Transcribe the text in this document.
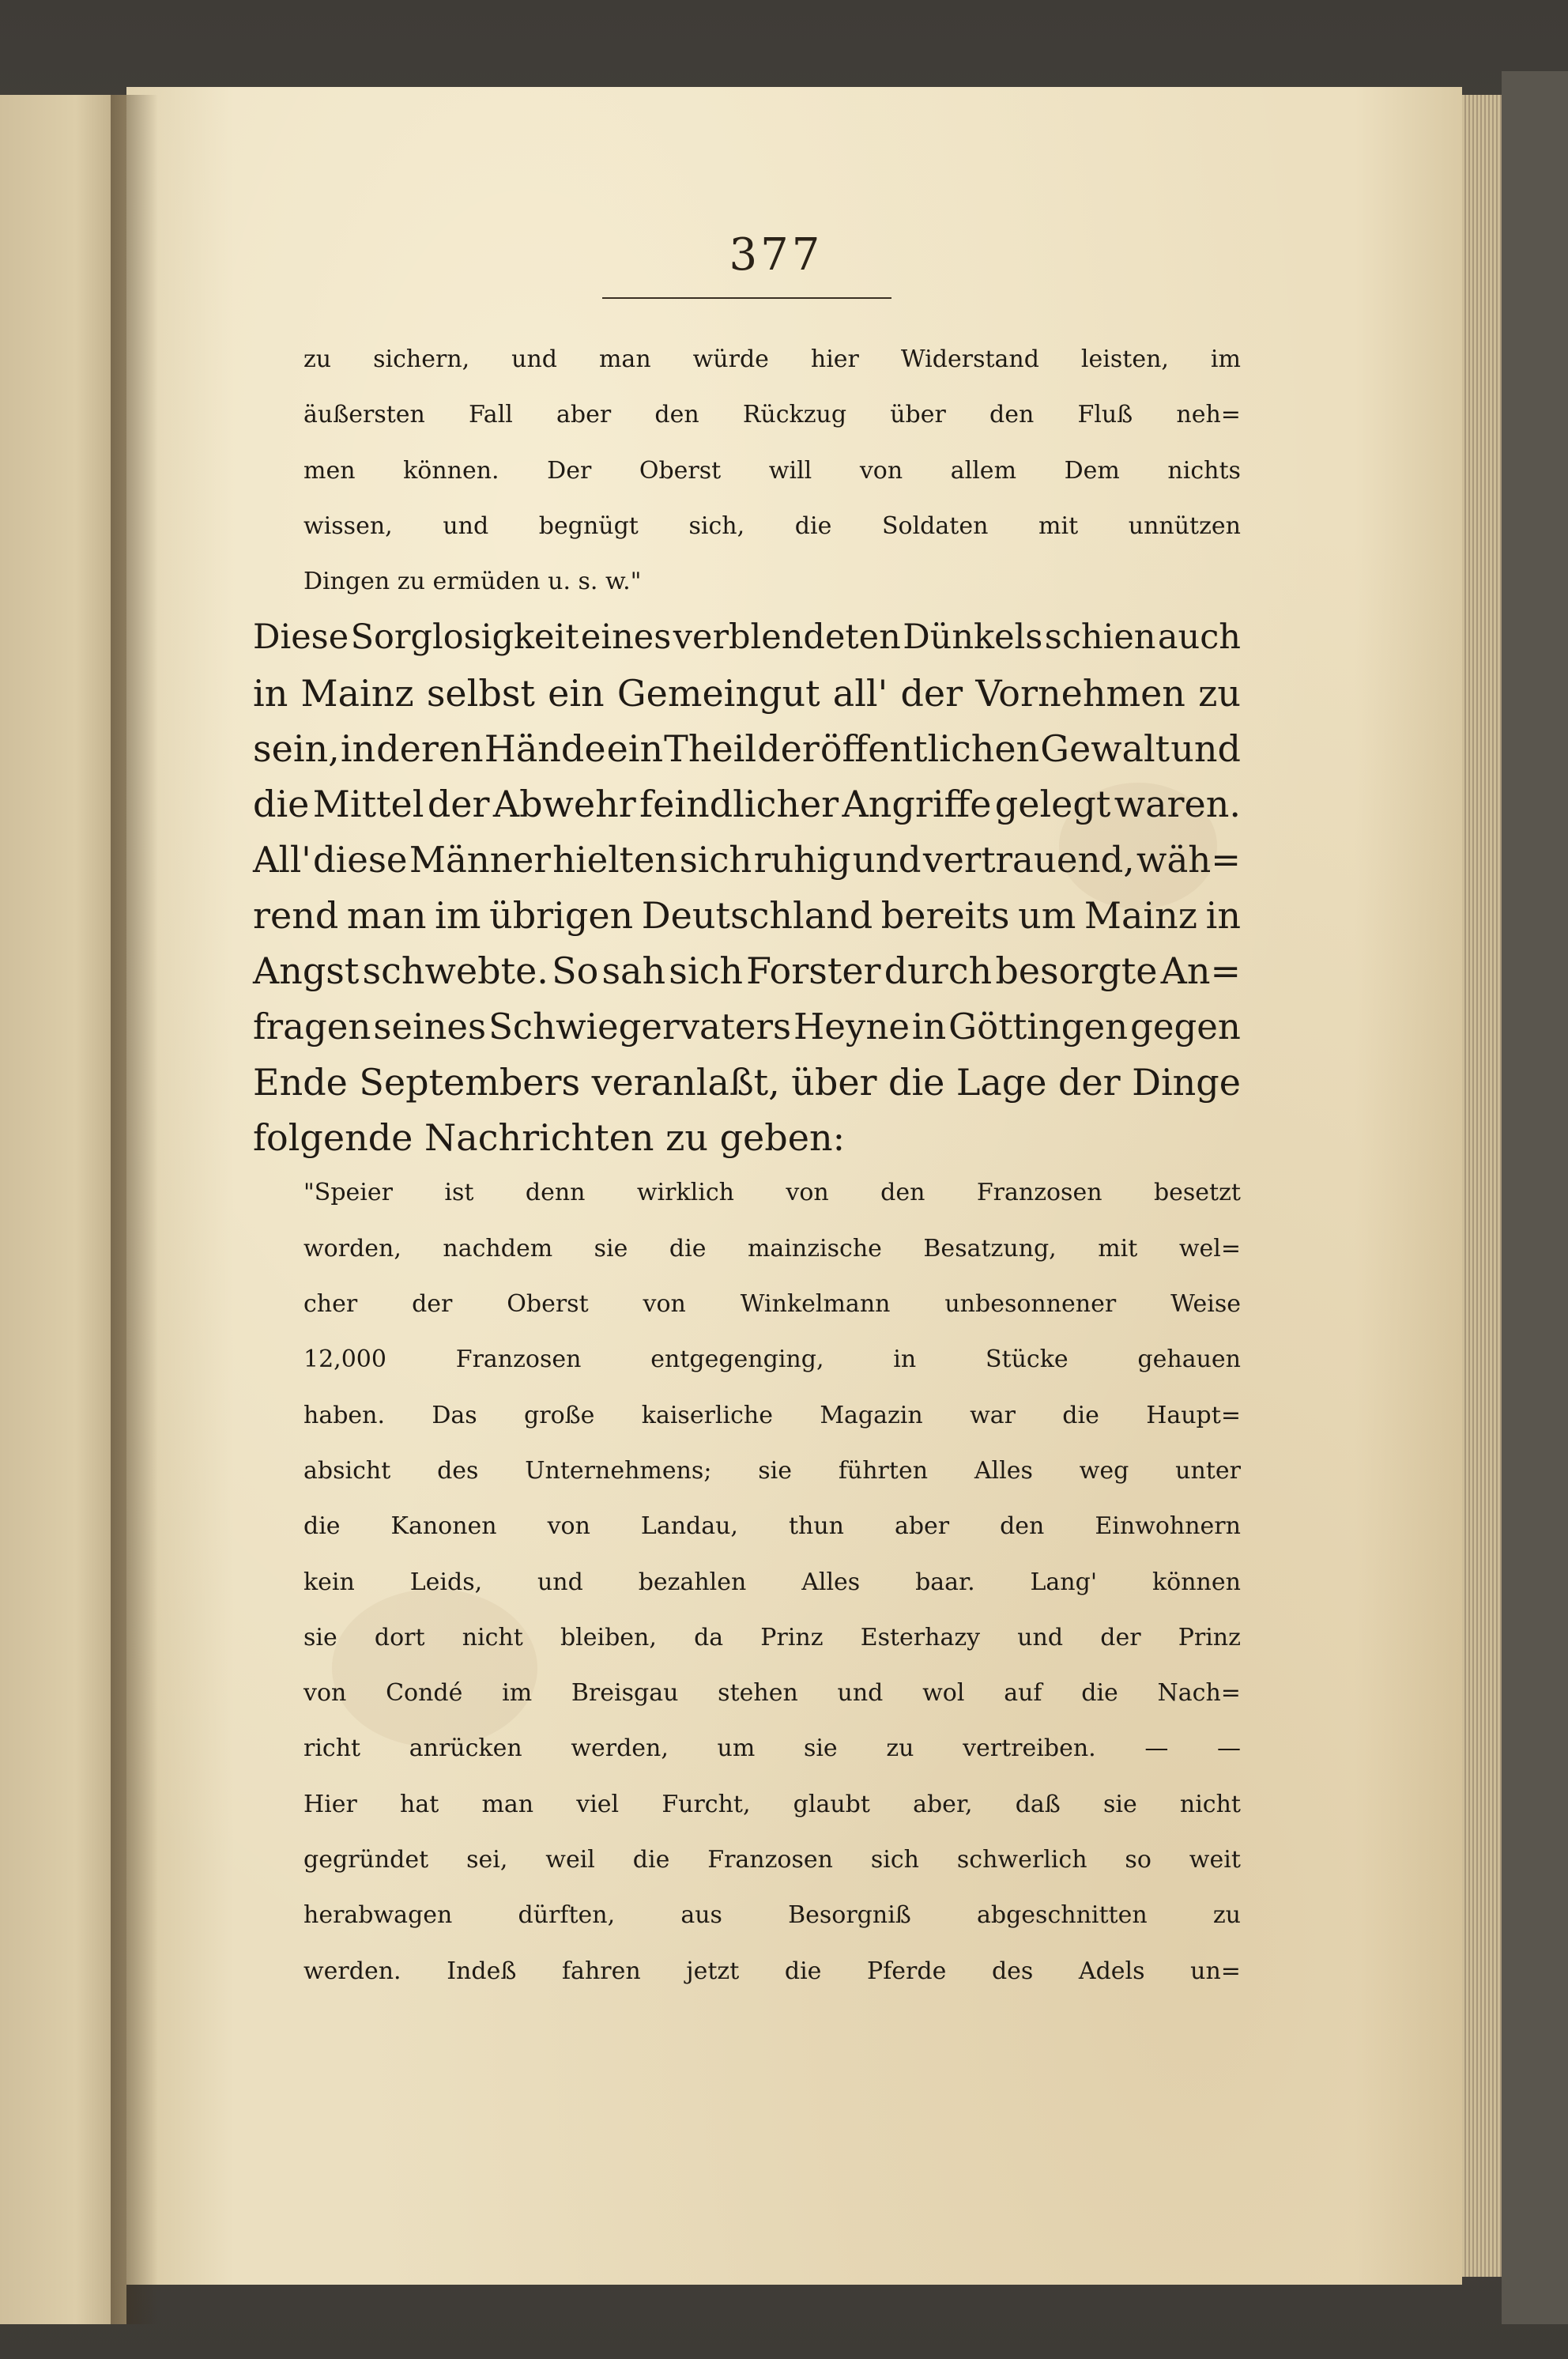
377
zu sichern, und man würde hier Widerstand leisten, im
äußersten Fall aber den Rückzug über den Fluß neh=
men können. Der Oberst will von allem Dem nichts
wissen, und begnügt sich, die Soldaten mit unnützen
Dingen zu ermüden u. s. w."
Diese Sorglosigkeit eines verblendeten Dünkels schien auch
in Mainz selbst ein Gemeingut all' der Vornehmen zu
sein, in deren Hände ein Theil der öffentlichen Gewalt und
die Mittel der Abwehr feindlicher Angriffe gelegt waren.
All' diese Männer hielten sich ruhig und vertrauend, wäh=
rend man im übrigen Deutschland bereits um Mainz in
Angst schwebte. So sah sich Forster durch besorgte An=
fragen seines Schwiegervaters Heyne in Göttingen gegen
Ende Septembers veranlaßt, über die Lage der Dinge
folgende Nachrichten zu geben:
"Speier ist denn wirklich von den Franzosen besetzt
worden, nachdem sie die mainzische Besatzung, mit wel=
cher der Oberst von Winkelmann unbesonnener Weise
12,000	Franzosen	entgegenging,	in	Stücke	gehauen
haben. Das große kaiserliche Magazin war die Haupt=
absicht des Unternehmens; sie führten Alles weg unter
die Kanonen von Landau, thun aber den Einwohnern
kein Leids, und bezahlen Alles baar. Lang' können
sie dort nicht bleiben, da Prinz Esterhazy und der Prinz
von Condé im Breisgau stehen und wol auf die Nach=
richt anrücken werden, um sie zu vertreiben. — —
Hier hat man viel Furcht, glaubt aber, daß sie nicht
gegründet sei, weil die Franzosen sich schwerlich so weit
herabwagen	dürften,	aus	Besorgniß	abgeschnitten	zu
werden. Indeß fahren jetzt die Pferde des Adels un=
